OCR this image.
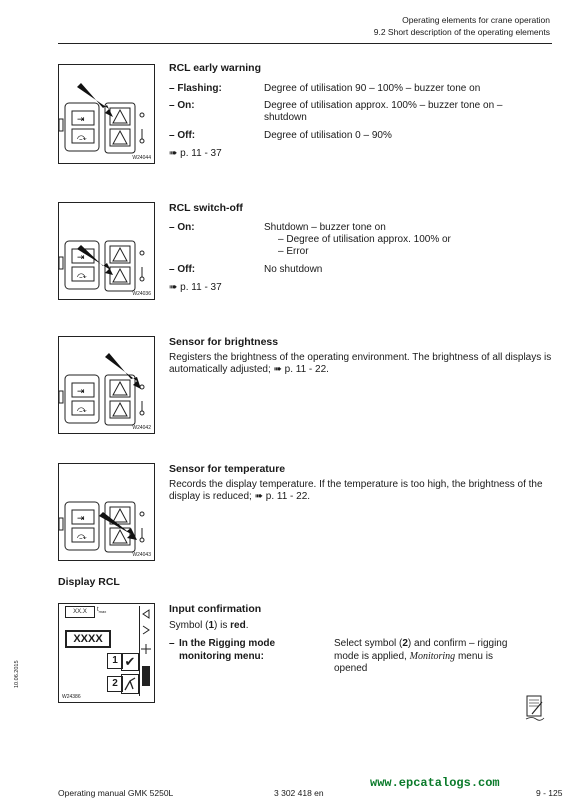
Operating elements for crane operation
9.2 Short description of the operating elements
⇥
⤼
W24044
RCL early warning
– Flashing:	Degree of utilisation 90 – 100% – buzzer tone on
– On:	Degree of utilisation approx. 100% – buzzer tone on – shutdown
– Off:	Degree of utilisation 0 – 90%
➠ p. 11 - 37
⇥
⤼
W24036
RCL switch-off
– On:	Shutdown – buzzer tone on
– Degree of utilisation approx. 100% or
– Error
– Off:	No shutdown
➠ p. 11 - 37
⇥
⤼
W24042
Sensor for brightness
Registers the brightness of the operating environment. The brightness of all displays is automatically adjusted; ➠ p. 11 - 22.
⇥
⤼
W24043
Sensor for temperature
Records the display temperature. If the temperature is too high, the brightness of the display is reduced; ➠ p. 11 - 22.
Display RCL
XX.X	$t_{max}$
XXXX
1 ✔
2
W24386
Input confirmation
Symbol (1) is red.
– In the Rigging mode monitoring menu:
Select symbol (2) and confirm – rigging mode is applied, Monitoring menu is opened
10.06.2015
Operating manual GMK 5250L	3 302 418 en	9 - 125
www.epcatalogs.com
